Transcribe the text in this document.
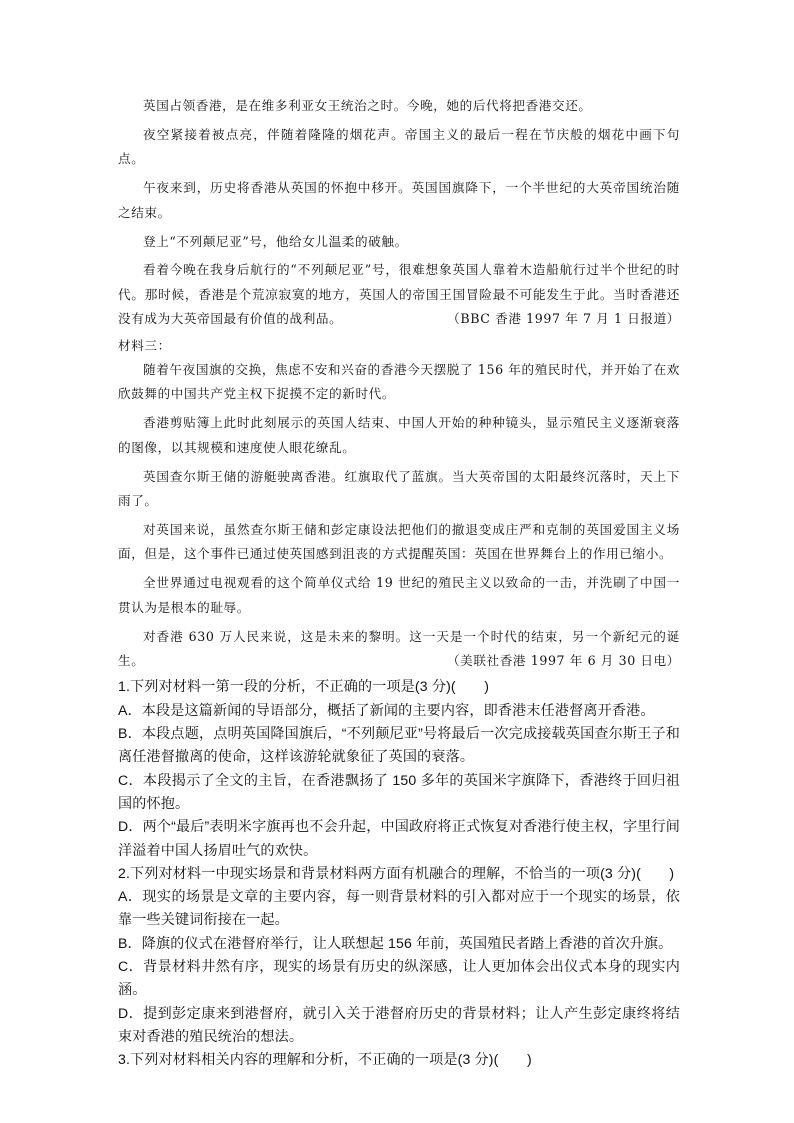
英国占领香港，是在维多利亚女王统治之时。今晚，她的后代将把香港交还。

夜空紧接着被点亮，伴随着隆隆的烟花声。帝国主义的最后一程在节庆般的烟花中画下句点。

午夜来到，历史将香港从英国的怀抱中移开。英国国旗降下，一个半世纪的大英帝国统治随之结束。

登上“不列颠尼亚”号，他给女儿温柔的破触。

看着今晚在我身后航行的“不列颠尼亚”号，很难想象英国人靠着木造船航行过半个世纪的时代。那时候，香港是个荒凉寂寞的地方，英国人的帝国王国冒险最不可能发生于此。当时香港还没有成为大英帝国最有价值的战利品。	（BBC 香港 1997 年 7 月 1 日报道）

材料三：

随着午夜国旗的交换，焦虑不安和兴奋的香港今天摆脱了 156 年的殖民时代，并开始了在欢欣鼓舞的中国共产党主权下捉摸不定的新时代。

香港剪贴簿上此时此刻展示的英国人结束、中国人开始的种种镜头，显示殖民主义逐渐衰落的图像，以其规模和速度使人眼花缭乱。

英国查尔斯王储的游艇驶离香港。红旗取代了蓝旗。当大英帝国的太阳最终沉落时，天上下雨了。

对英国来说，虽然查尔斯王储和彭定康设法把他们的撤退变成庄严和克制的英国爱国主义场面，但是，这个事件已通过使英国感到沮丧的方式提醒英国：英国在世界舞台上的作用已缩小。

全世界通过电视观看的这个简单仪式给 19 世纪的殖民主义以致命的一击，并洗刷了中国一贯认为是根本的耻辱。

对香港 630 万人民来说，这是未来的黎明。这一天是一个时代的结束，另一个新纪元的诞生。	（美联社香港 1997 年 6 月 30 日电）

1.下列对材料一第一段的分析，不正确的一项是(3 分)(　　)

A．本段是这篇新闻的导语部分，概括了新闻的主要内容，即香港末任港督离开香港。

B．本段点题，点明英国降国旗后，“不列颠尼亚”号将最后一次完成接载英国查尔斯王子和离任港督撤离的使命，这样该游轮就象征了英国的衰落。

C．本段揭示了全文的主旨，在香港飘扬了 150 多年的英国米字旗降下，香港终于回归祖国的怀抱。

D．两个“最后”表明米字旗再也不会升起，中国政府将正式恢复对香港行使主权，字里行间洋溢着中国人扬眉吐气的欢快。

2.下列对材料一中现实场景和背景材料两方面有机融合的理解，不恰当的一项(3 分)(　　)

A．现实的场景是文章的主要内容，每一则背景材料的引入都对应于一个现实的场景，依靠一些关键词衔接在一起。

B．降旗的仪式在港督府举行，让人联想起 156 年前，英国殖民者踏上香港的首次升旗。

C．背景材料井然有序，现实的场景有历史的纵深感，让人更加体会出仪式本身的现实内涵。

D．提到彭定康来到港督府，就引入关于港督府历史的背景材料；让人产生彭定康终将结束对香港的殖民统治的想法。

3.下列对材料相关内容的理解和分析，不正确的一项是(3 分)(　　)
